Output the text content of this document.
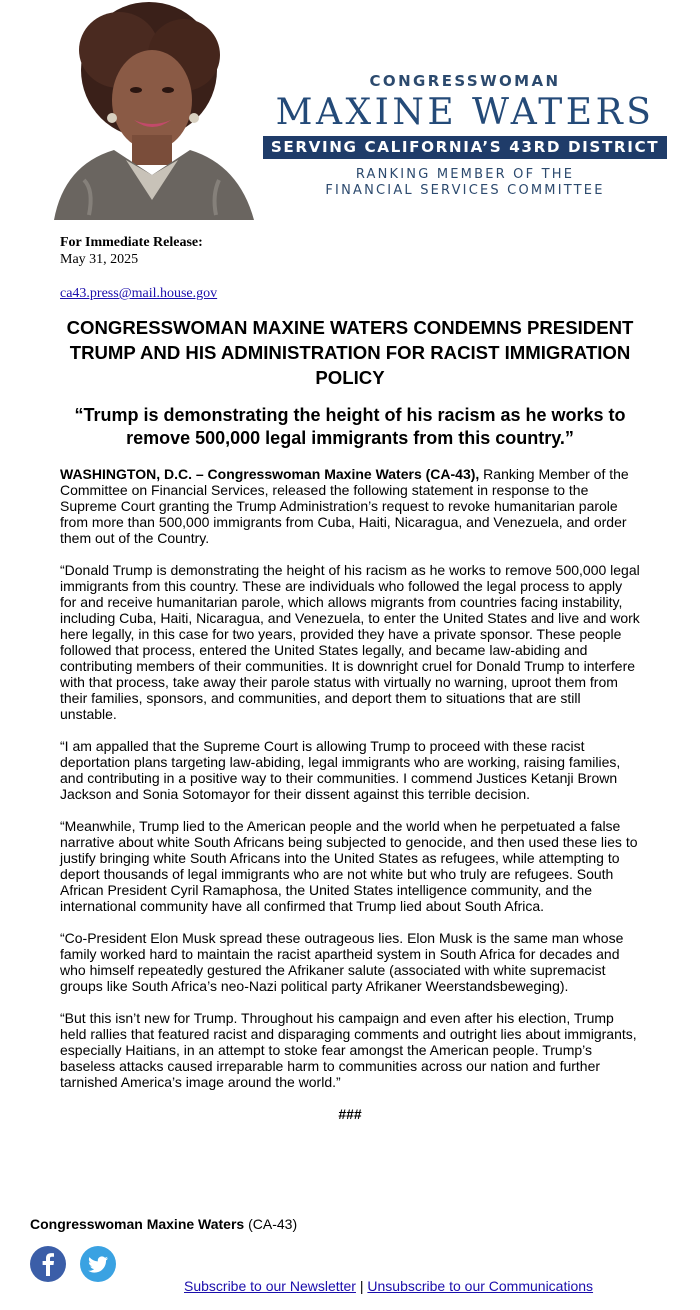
CONGRESSWOMAN
MAXINE WATERS
SERVING CALIFORNIA’S 43RD DISTRICT
RANKING MEMBER OF THE
FINANCIAL SERVICES COMMITTEE
For Immediate Release:
May 31, 2025
ca43.press@mail.house.gov
CONGRESSWOMAN MAXINE WATERS CONDEMNS PRESIDENT TRUMP AND HIS ADMINISTRATION FOR RACIST IMMIGRATION POLICY
“Trump is demonstrating the height of his racism as he works to remove 500,000 legal immigrants from this country.”

WASHINGTON, D.C. – Congresswoman Maxine Waters (CA-43), Ranking Member of the Committee on Financial Services, released the following statement in response to the Supreme Court granting the Trump Administration’s request to revoke humanitarian parole from more than 500,000 immigrants from Cuba, Haiti, Nicaragua, and Venezuela, and order them out of the Country.

“Donald Trump is demonstrating the height of his racism as he works to remove 500,000 legal immigrants from this country. These are individuals who followed the legal process to apply for and receive humanitarian parole, which allows migrants from countries facing instability, including Cuba, Haiti, Nicaragua, and Venezuela, to enter the United States and live and work here legally, in this case for two years, provided they have a private sponsor. These people followed that process, entered the United States legally, and became law-abiding and contributing members of their communities. It is downright cruel for Donald Trump to interfere with that process, take away their parole status with virtually no warning, uproot them from their families, sponsors, and communities, and deport them to situations that are still unstable.

“I am appalled that the Supreme Court is allowing Trump to proceed with these racist deportation plans targeting law-abiding, legal immigrants who are working, raising families, and contributing in a positive way to their communities. I commend Justices Ketanji Brown Jackson and Sonia Sotomayor for their dissent against this terrible decision.

“Meanwhile, Trump lied to the American people and the world when he perpetuated a false narrative about white South Africans being subjected to genocide, and then used these lies to justify bringing white South Africans into the United States as refugees, while attempting to deport thousands of legal immigrants who are not white but who truly are refugees. South African President Cyril Ramaphosa, the United States intelligence community, and the international community have all confirmed that Trump lied about South Africa.

“Co-President Elon Musk spread these outrageous lies. Elon Musk is the same man whose family worked hard to maintain the racist apartheid system in South Africa for decades and who himself repeatedly gestured the Afrikaner salute (associated with white supremacist groups like South Africa’s neo-Nazi political party Afrikaner Weerstandsbeweging).

“But this isn’t new for Trump. Throughout his campaign and even after his election, Trump held rallies that featured racist and disparaging comments and outright lies about immigrants, especially Haitians, in an attempt to stoke fear amongst the American people. Trump’s baseless attacks caused irreparable harm to communities across our nation and further tarnished America’s image around the world.”

###
Congresswoman Maxine Waters (CA-43)
Subscribe to our Newsletter | Unsubscribe to our Communications
